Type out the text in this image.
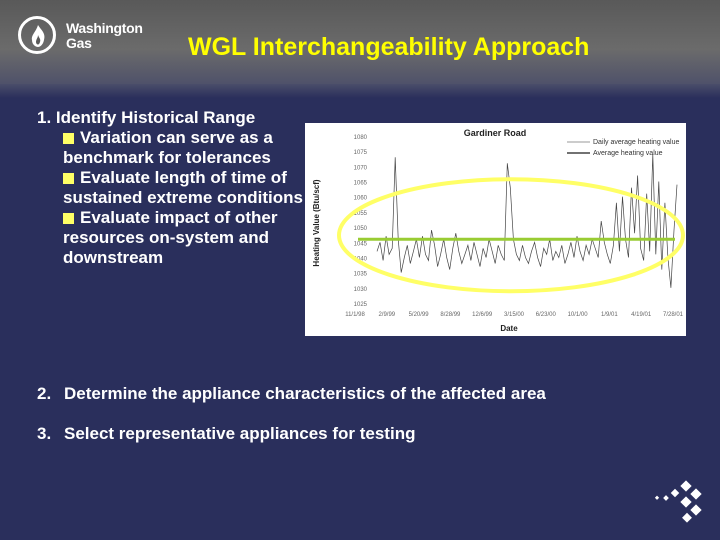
Washington
Gas	WGL Interchangeability Approach
1. Identify Historical Range
Variation can serve as a benchmark for tolerances
Evaluate length of time of sustained extreme conditions
Evaluate impact of other resources on-system and downstream
Gardiner Road
Heating Value (Btu/scf)
Date
1080
1075
1070
1065
1060
1055
1050
1045
1040
1035
1030
1025
11/1/98 2/9/99 5/20/99 8/28/99 12/6/99 3/15/00 6/23/00 10/1/00 1/9/01 4/19/01 7/28/01
Daily average heating value
Average heating value
2. Determine the appliance characteristics of the affected area
3. Select representative appliances for testing
